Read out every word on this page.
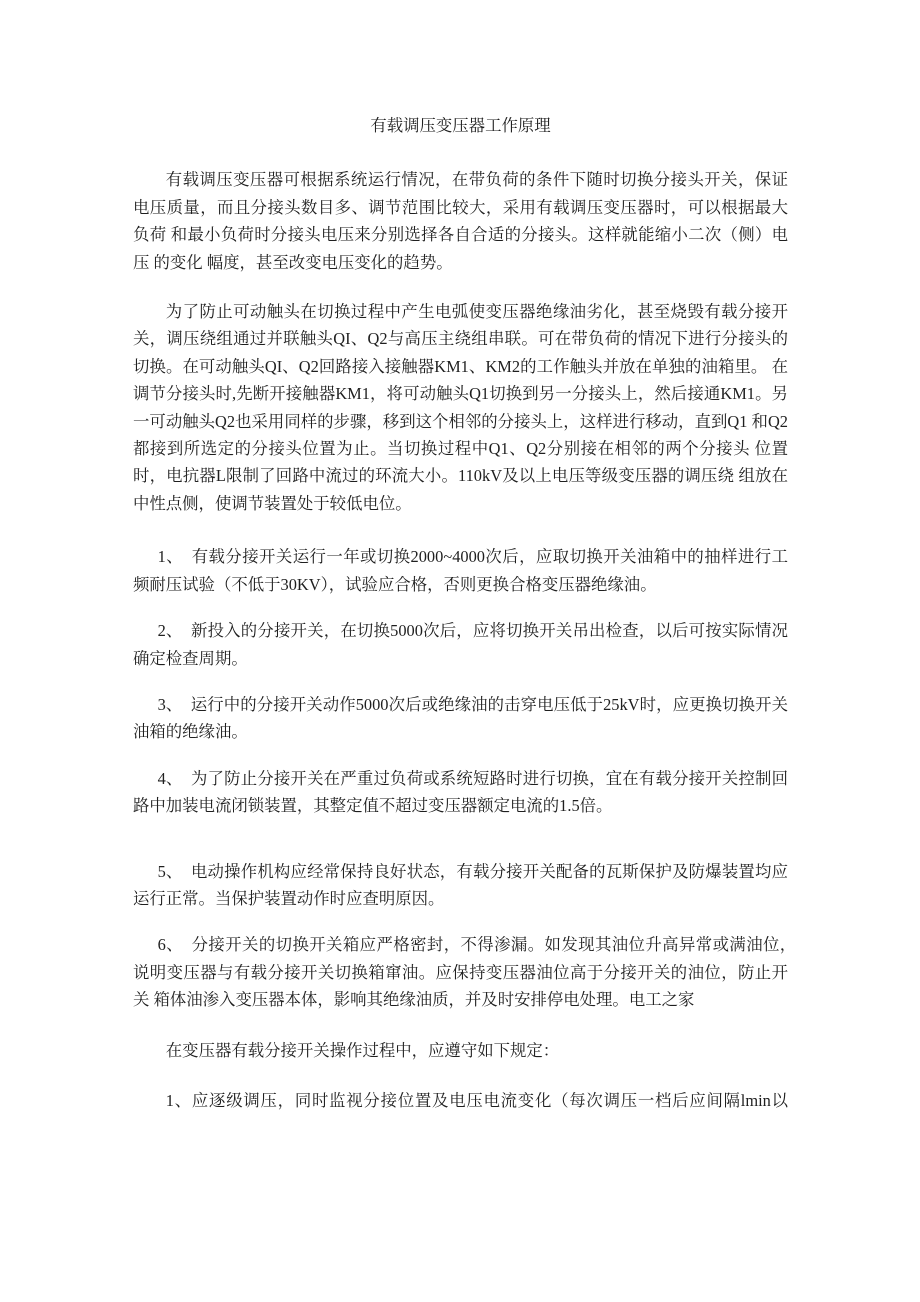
有载调压变压器工作原理

有载调压变压器可根据系统运行情况，在带负荷的条件下随时切换分接头开关，保证电压质量，而且分接头数目多、调节范围比较大，采用有载调压变压器时，可以根据最大负荷 和最小负荷时分接头电压来分别选择各自合适的分接头。这样就能缩小二次（侧）电压 的变化 幅度，甚至改变电压变化的趋势。

为了防止可动触头在切换过程中产生电弧使变压器绝缘油劣化，甚至烧毁有载分接开关，调压绕组通过并联触头QI、Q2与高压主绕组串联。可在带负荷的情况下进行分接头的切换。在可动触头QI、Q2回路接入接触器KM1、KM2的工作触头并放在单独的油箱里。 在调节分接头时,先断开接触器KM1，将可动触头Q1切换到另一分接头上，然后接通KM1。另一可动触头Q2也采用同样的步骤，移到这个相邻的分接头上，这样进行移动，直到Q1 和Q2都接到所选定的分接头位置为止。当切换过程中Q1、Q2分别接在相邻的两个分接头 位置时，电抗器L限制了回路中流过的环流大小。110kV及以上电压等级变压器的调压绕 组放在中性点侧，使调节装置处于较低电位。

1、　有载分接开关运行一年或切换2000~4000次后，应取切换开关油箱中的抽样进行工 频耐压试验（不低于30KV），试验应合格，否则更换合格变压器绝缘油。

2、　新投入的分接开关，在切换5000次后，应将切换开关吊出检查，以后可按实际情况 确定检查周期。

3、　运行中的分接开关动作5000次后或绝缘油的击穿电压低于25kV时，应更换切换开关油箱的绝缘油。

4、　为了防止分接开关在严重过负荷或系统短路时进行切换，宜在有载分接开关控制回 路中加装电流闭锁装置，其整定值不超过变压器额定电流的1.5倍。

5、　电动操作机构应经常保持良好状态，有载分接开关配备的瓦斯保护及防爆装置均应 运行正常。当保护装置动作时应查明原因。

6、　分接开关的切换开关箱应严格密封，不得渗漏。如发现其油位升高异常或满油位，　说明变压器与有载分接开关切换箱窜油。应保持变压器油位高于分接开关的油位，防止开关 箱体油渗入变压器本体，影响其绝缘油质，并及时安排停电处理。电工之家

在变压器有载分接开关操作过程中，应遵守如下规定：

1、应逐级调压，同时监视分接位置及电压电流变化（每次调压一档后应间隔lmin以
